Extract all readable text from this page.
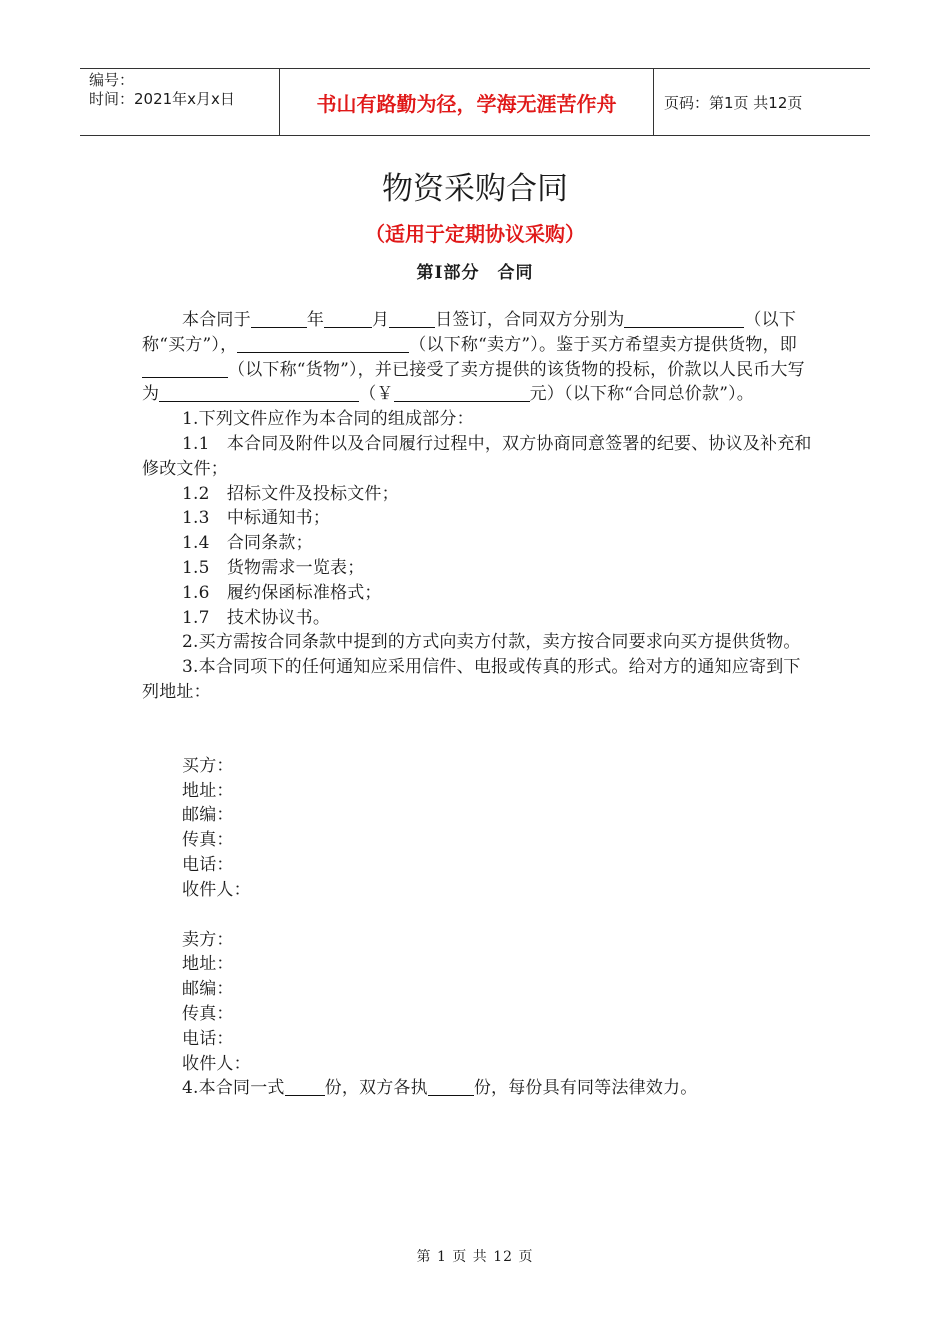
编号：
时间：2021年x月x日	书山有路勤为径，学海无涯苦作舟	页码：第1页 共12页
物资采购合同
（适用于定期协议采购）
第Ⅰ部分　合同

本合同于	年	月	日签订，合同双方分别为	（以下称“买方”），	（以下称“卖方”）。鉴于买方希望卖方提供货物，即（以下称“货物”），并已接受了卖方提供的该货物的投标，价款以人民币大写为	（￥	元）（以下称“合同总价款”）。

1.下列文件应作为本合同的组成部分：

1.1　本合同及附件以及合同履行过程中，双方协商同意签署的纪要、协议及补充和修改文件；

1.2　招标文件及投标文件；

1.3　中标通知书；

1.4　合同条款；

1.5　货物需求一览表；

1.6　履约保函标准格式；

1.7　技术协议书。

2.买方需按合同条款中提到的方式向卖方付款，卖方按合同要求向买方提供货物。

3.本合同项下的任何通知应采用信件、电报或传真的形式。给对方的通知应寄到下列地址：

买方：
地址：
邮编：
传真：
电话：
收件人：
卖方：
地址：
邮编：
传真：
电话：
收件人：

4.本合同一式 份，双方各执	份，每份具有同等法律效力。

第 1 页 共 12 页
